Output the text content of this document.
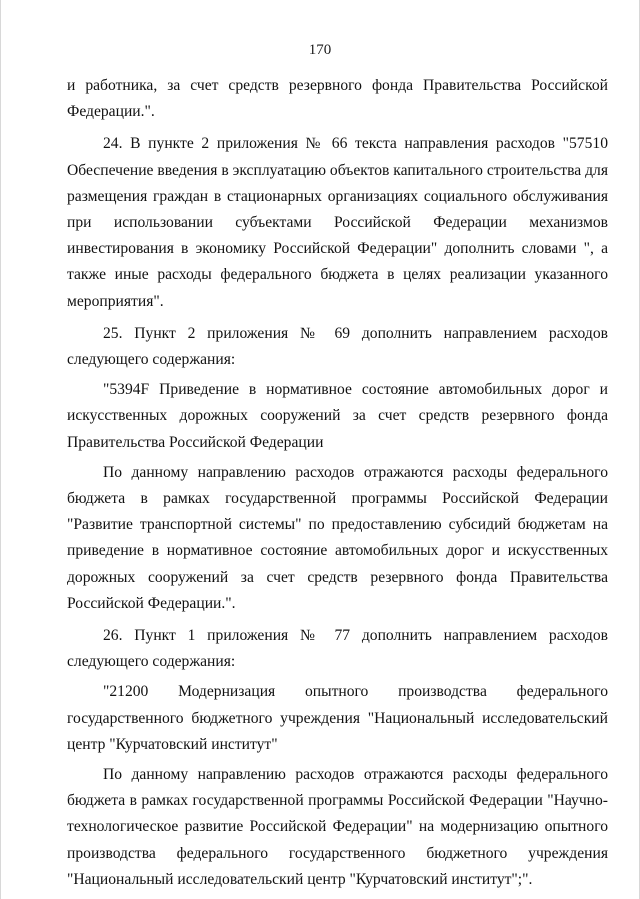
170

и работника, за счет средств резервного фонда Правительства Российской Федерации.".

24. В пункте 2 приложения № 66 текста направления расходов "57510 Обеспечение введения в эксплуатацию объектов капитального строительства для размещения граждан в стационарных организациях социального обслуживания при использовании субъектами Российской Федерации механизмов инвестирования в экономику Российской Федерации" дополнить словами ", а также иные расходы федерального бюджета в целях реализации указанного мероприятия".

25. Пункт 2 приложения № 69 дополнить направлением расходов следующего содержания:

"5394F Приведение в нормативное состояние автомобильных дорог и искусственных дорожных сооружений за счет средств резервного фонда Правительства Российской Федерации

По данному направлению расходов отражаются расходы федерального бюджета в рамках государственной программы Российской Федерации "Развитие транспортной системы" по предоставлению субсидий бюджетам на приведение в нормативное состояние автомобильных дорог и искусственных дорожных сооружений за счет средств резервного фонда Правительства Российской Федерации.".

26. Пункт 1 приложения № 77 дополнить направлением расходов следующего содержания:

"21200 Модернизация опытного производства федерального государственного бюджетного учреждения "Национальный исследовательский центр "Курчатовский институт"

По данному направлению расходов отражаются расходы федерального бюджета в рамках государственной программы Российской Федерации "Научно-технологическое развитие Российской Федерации" на модернизацию опытного производства федерального государственного бюджетного учреждения "Национальный исследовательский центр "Курчатовский институт";".
